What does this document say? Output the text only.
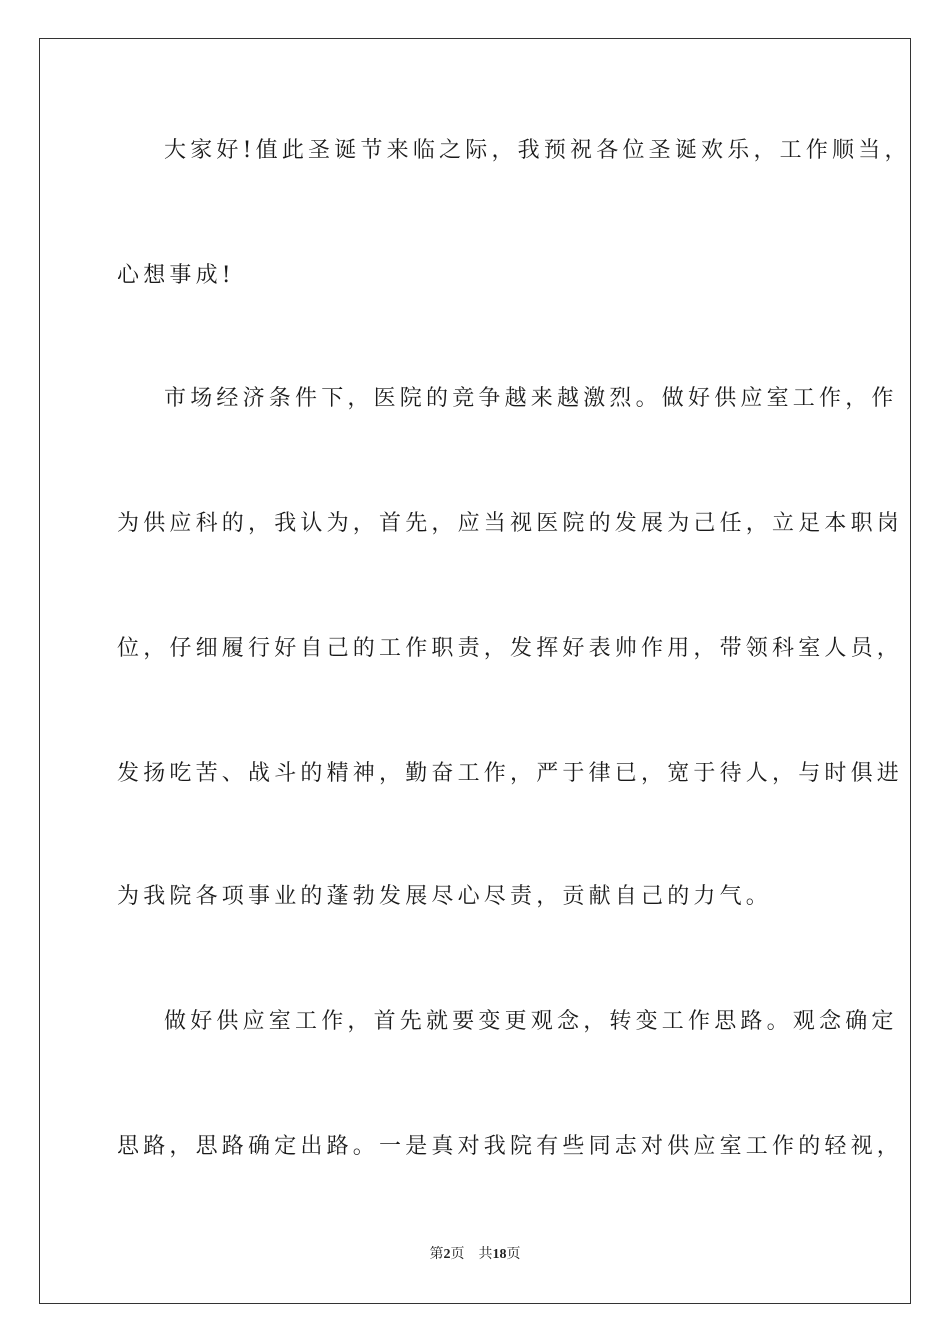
大家好!值此圣诞节来临之际，我预祝各位圣诞欢乐，工作顺当，
心想事成!
市场经济条件下，医院的竞争越来越激烈。做好供应室工作，作
为供应科的，我认为，首先，应当视医院的发展为己任，立足本职岗
位，仔细履行好自己的工作职责，发挥好表帅作用，带领科室人员，
发扬吃苦、战斗的精神，勤奋工作，严于律已，宽于待人，与时俱进
为我院各项事业的蓬勃发展尽心尽责，贡献自己的力气。
做好供应室工作，首先就要变更观念，转变工作思路。观念确定
思路，思路确定出路。一是真对我院有些同志对供应室工作的轻视，
第2页 共18页
